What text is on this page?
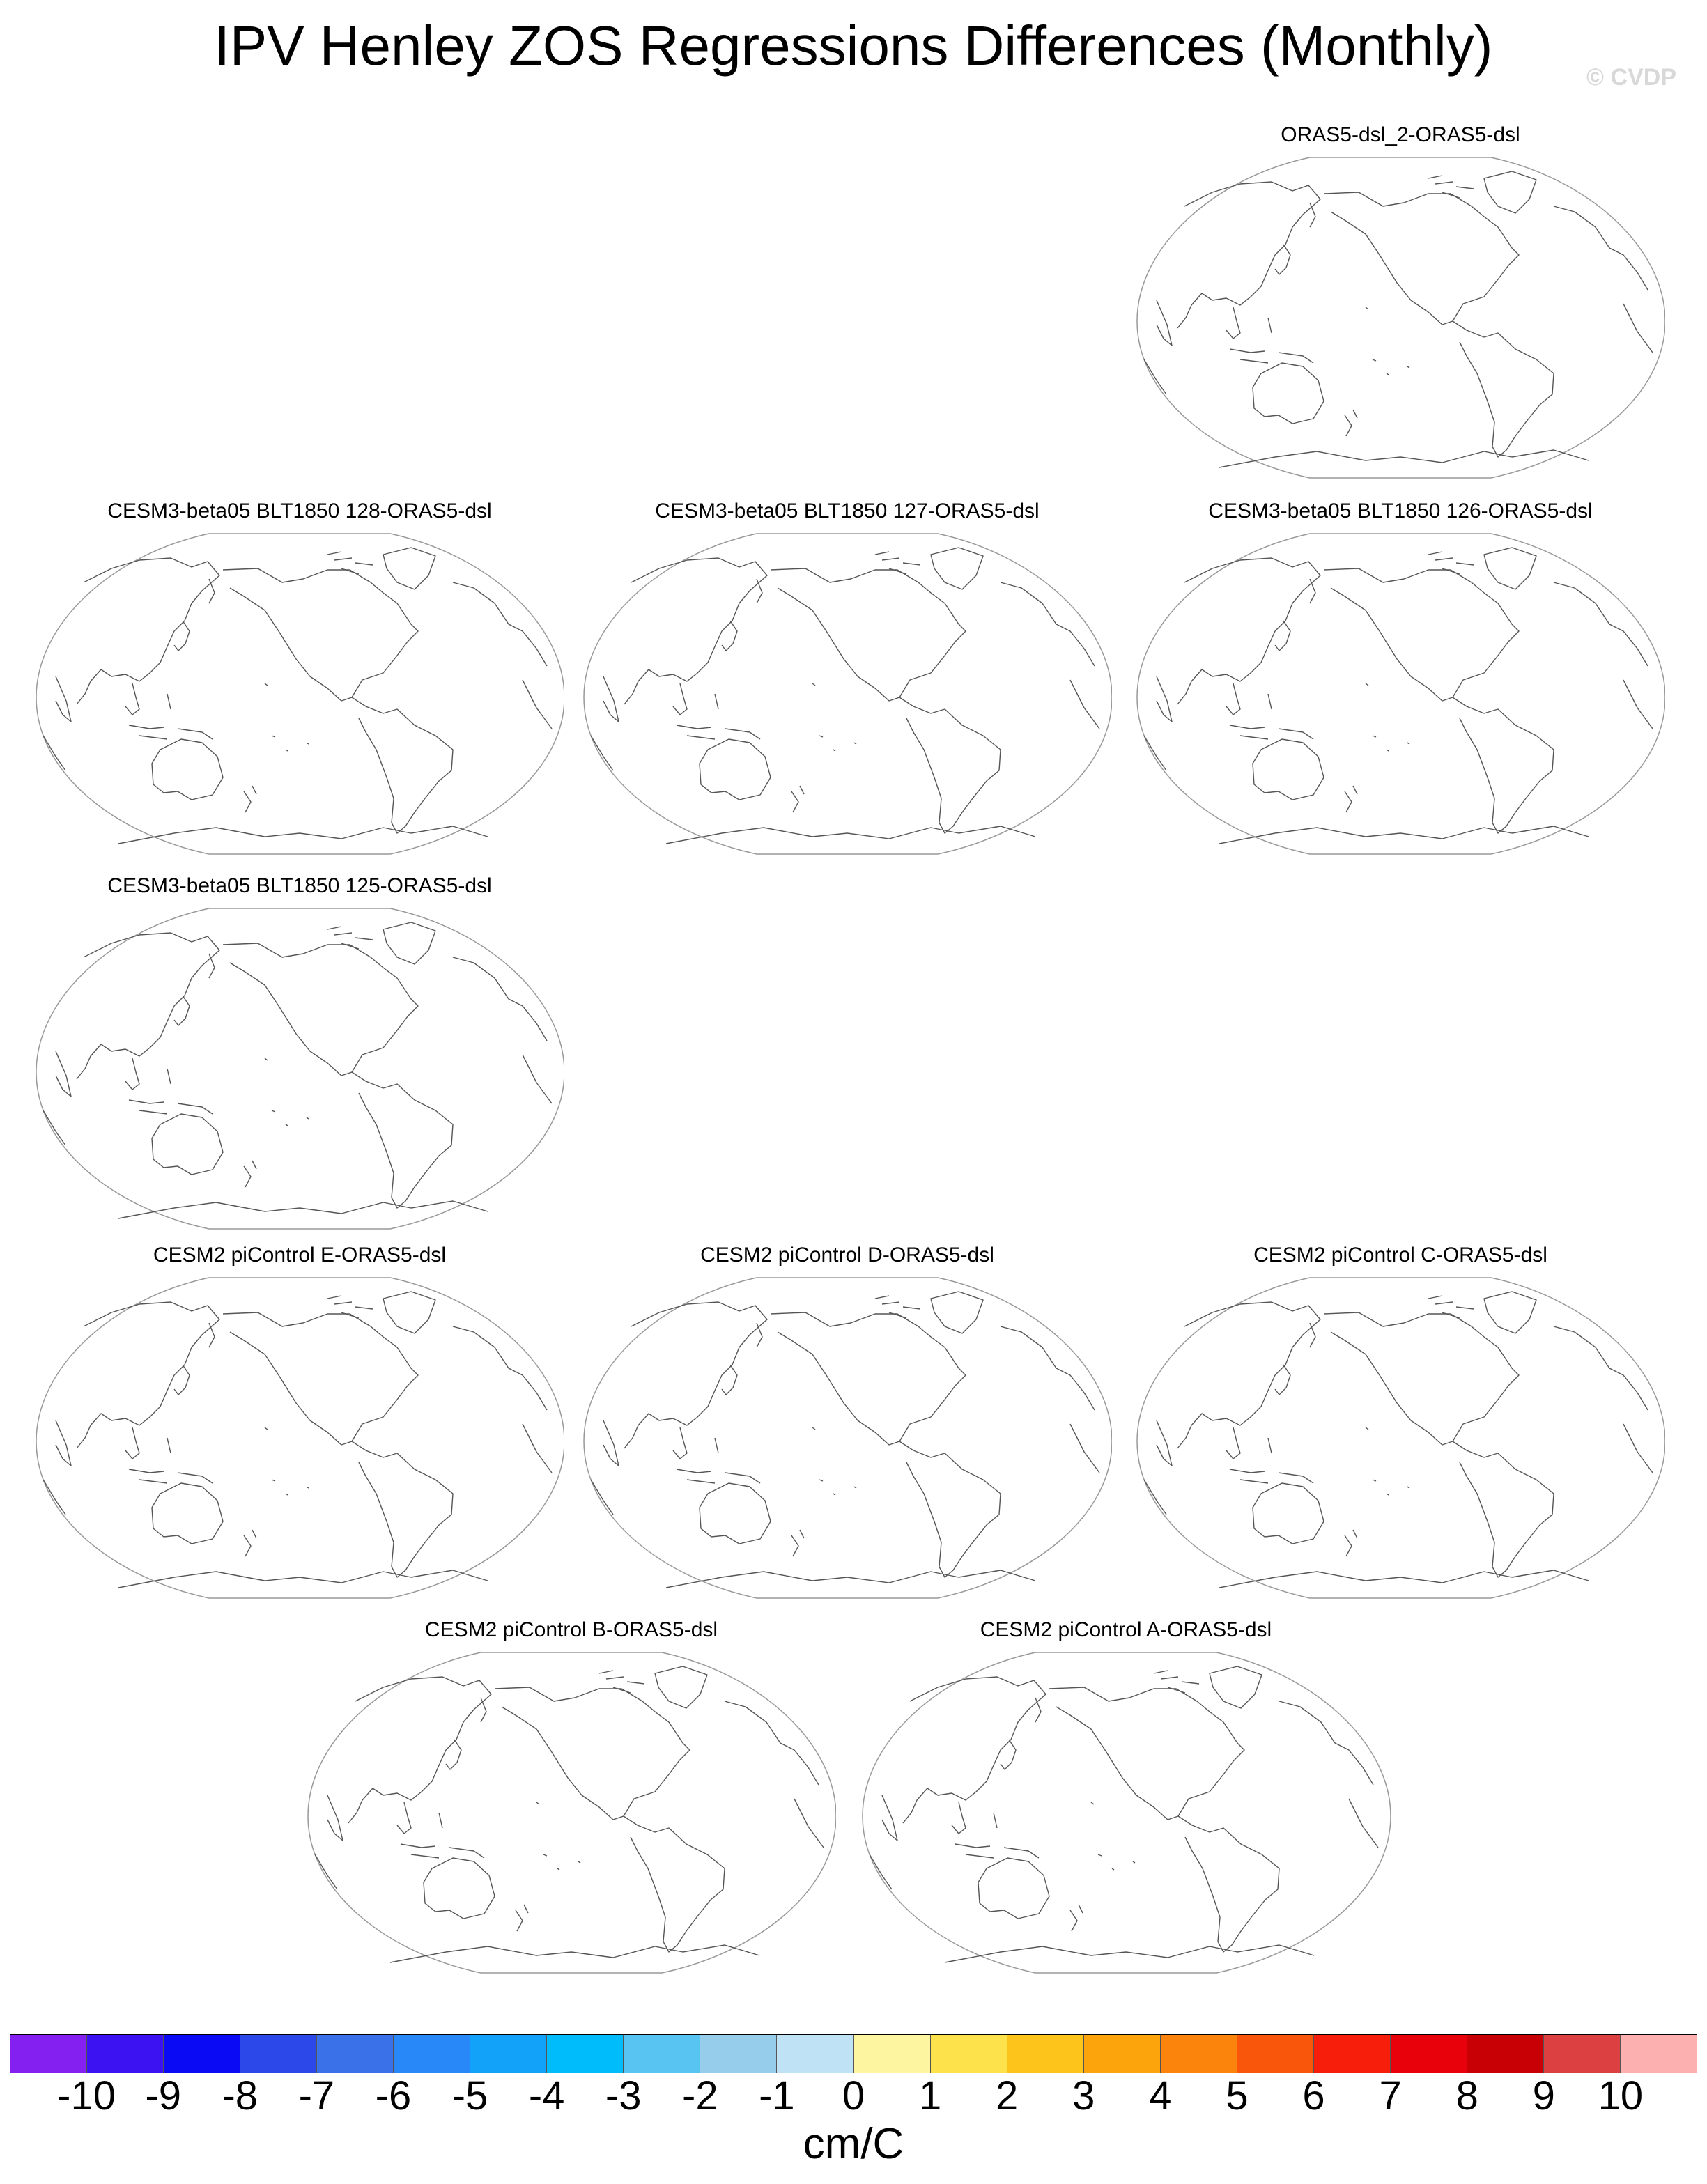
IPV Henley ZOS Regressions Differences (Monthly)
© CVDP
ORAS5-dsl_2-ORAS5-dsl
CESM3-beta05 BLT1850 128-ORAS5-dsl	CESM3-beta05 BLT1850 127-ORAS5-dsl	CESM3-beta05 BLT1850 126-ORAS5-dsl
CESM3-beta05 BLT1850 125-ORAS5-dsl
CESM2 piControl E-ORAS5-dsl	CESM2 piControl D-ORAS5-dsl	CESM2 piControl C-ORAS5-dsl
CESM2 piControl B-ORAS5-dsl	CESM2 piControl A-ORAS5-dsl
-10 -9 -8 -7 -6 -5 -4 -3 -2 -1 0 1 2 3 4 5 6 7 8 9 10
cm/C
